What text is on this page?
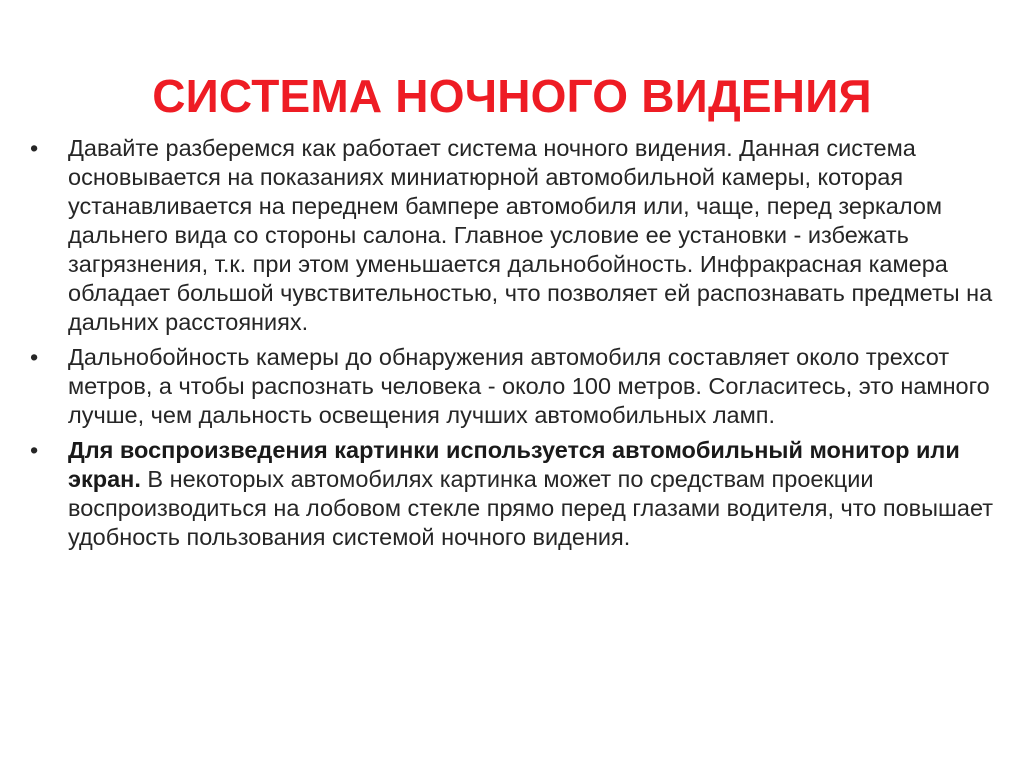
СИСТЕМА НОЧНОГО ВИДЕНИЯ
•	Давайте разберемся как работает система ночного видения. Данная система основывается на показаниях миниатюрной автомобильной камеры, которая устанавливается на переднем бампере автомобиля или, чаще, перед зеркалом дальнего вида со стороны салона. Главное условие ее установки - избежать загрязнения, т.к. при этом уменьшается дальнобойность. Инфракрасная камера обладает большой чувствительностью, что позволяет ей распознавать предметы на дальних расстояниях.
•	Дальнобойность камеры до обнаружения автомобиля составляет около трехсот метров, а чтобы распознать человека - около 100 метров. Согласитесь, это намного лучше, чем дальность освещения лучших автомобильных ламп.
•	Для воспроизведения картинки используется автомобильный монитор или экран. В некоторых автомобилях картинка может по средствам проекции воспроизводиться на лобовом стекле прямо перед глазами водителя, что повышает удобность пользования системой ночного видения.
